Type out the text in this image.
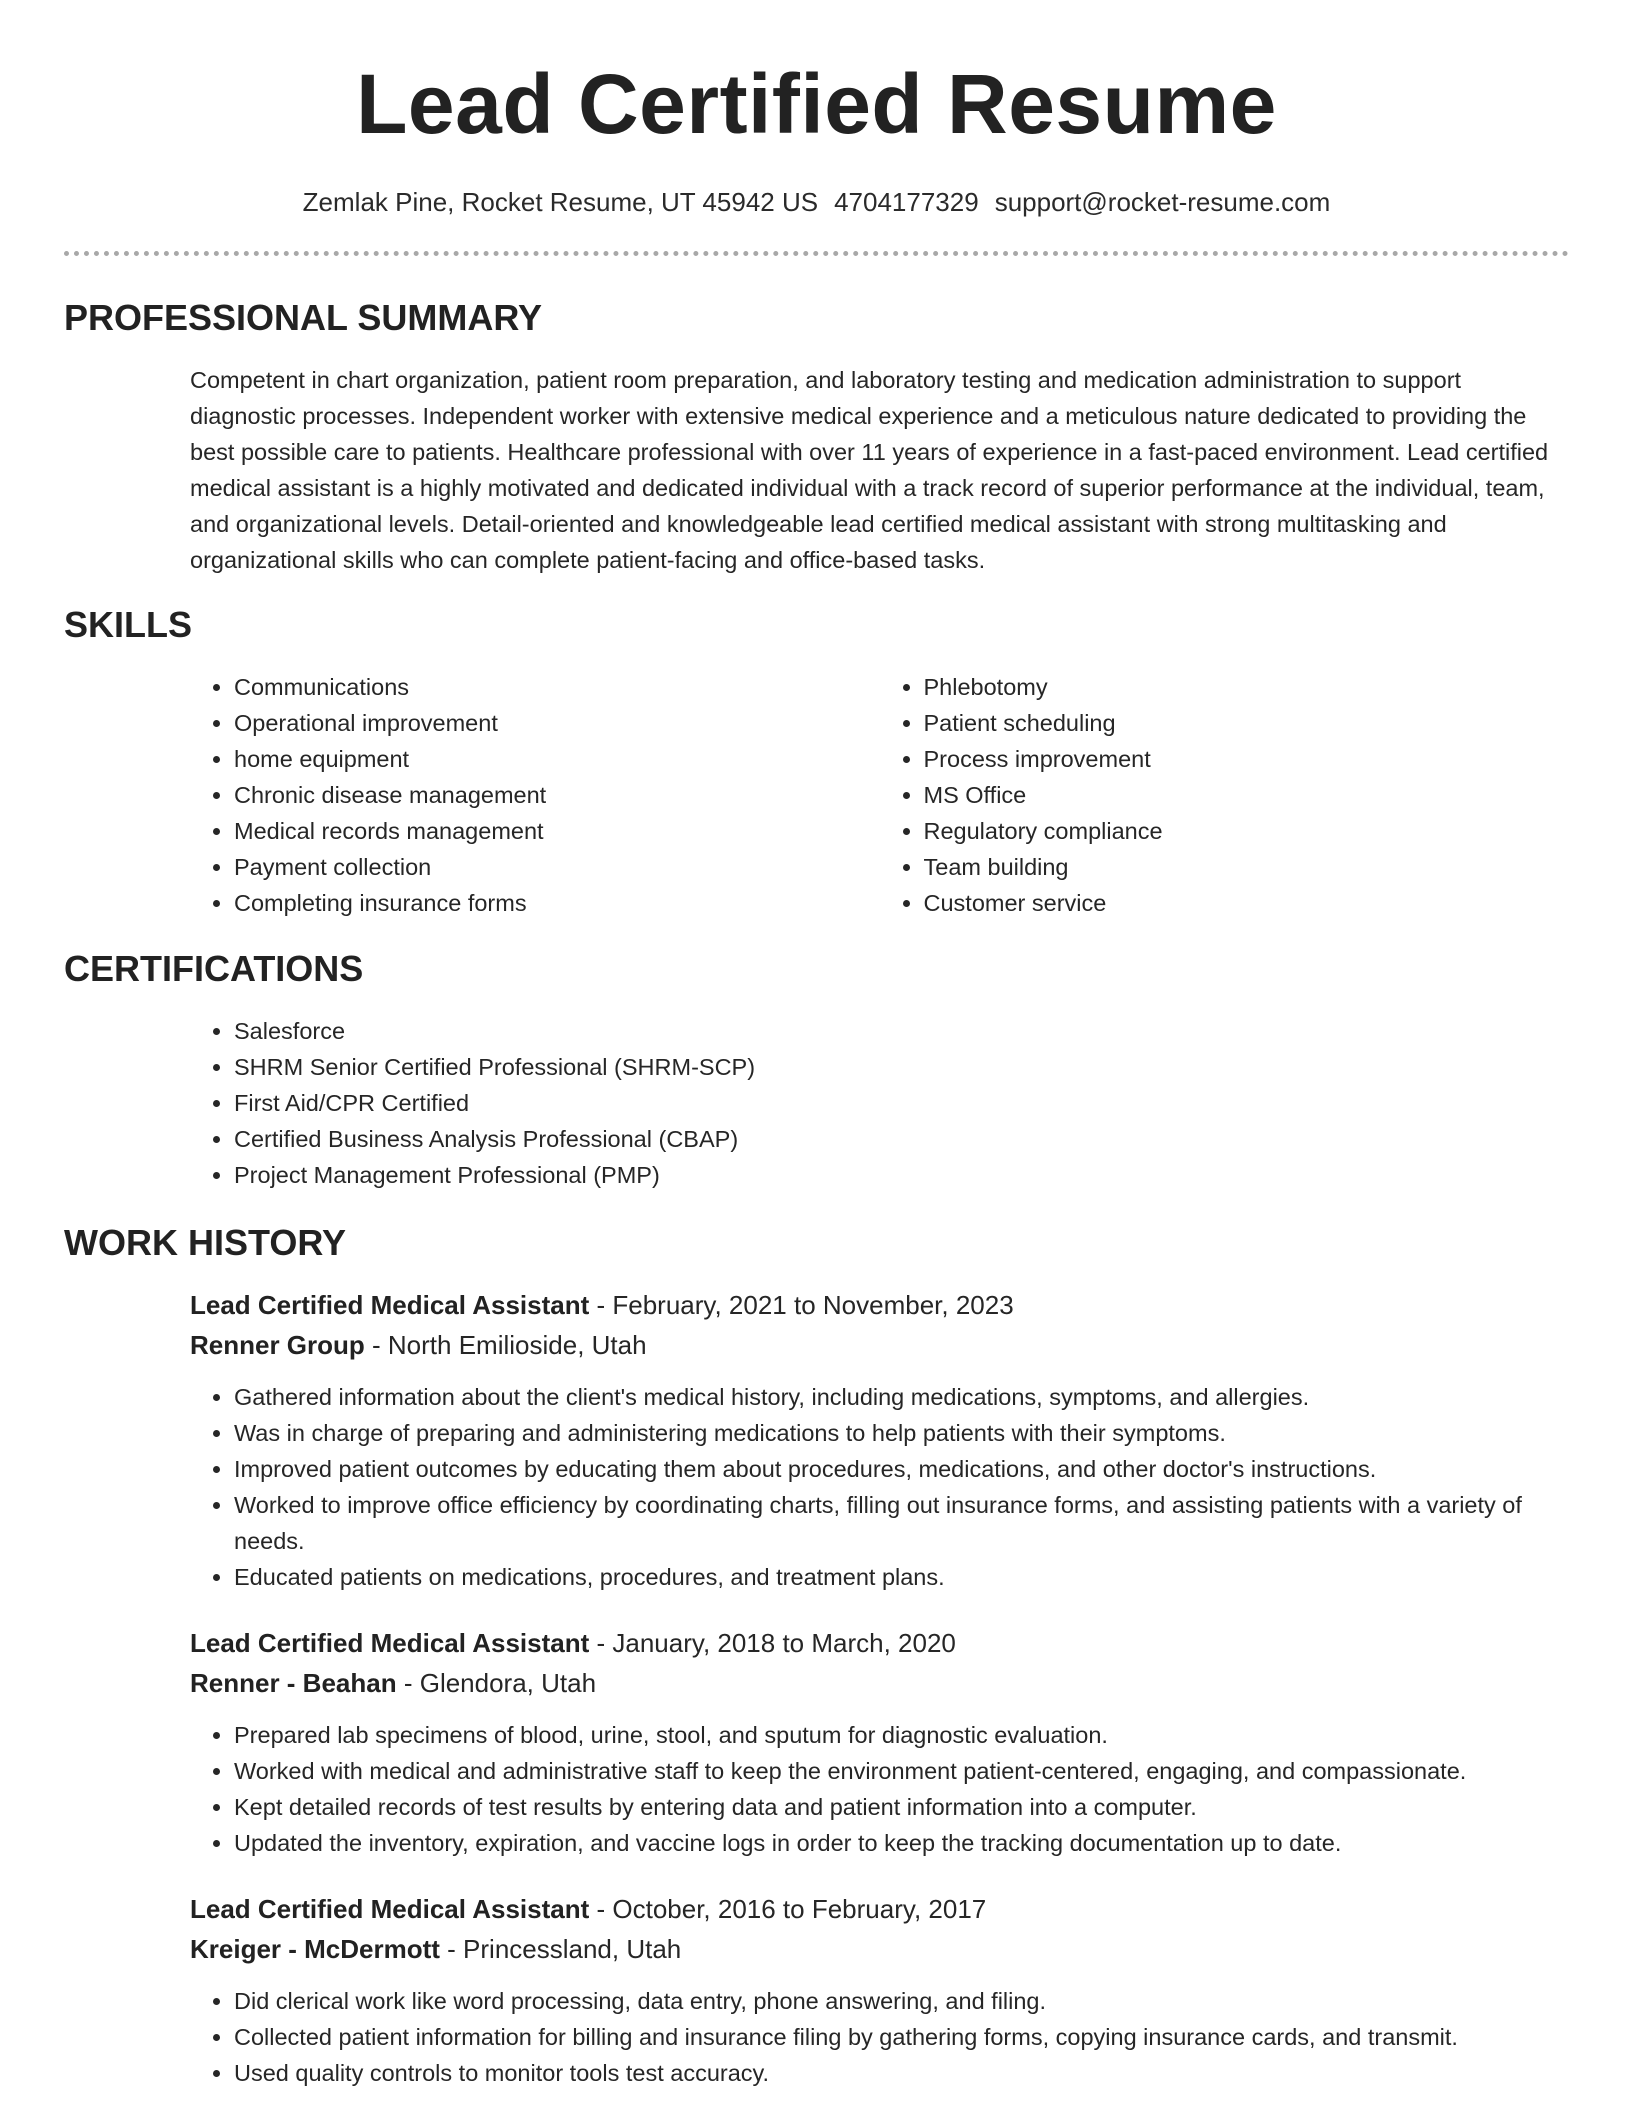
Lead Certified Resume
Zemlak Pine, Rocket Resume, UT 45942 US 4704177329 support@rocket-resume.com
PROFESSIONAL SUMMARY
Competent in chart organization, patient room preparation, and laboratory testing and medication administration to support diagnostic processes. Independent worker with extensive medical experience and a meticulous nature dedicated to providing the best possible care to patients. Healthcare professional with over 11 years of experience in a fast-paced environment. Lead certified medical assistant is a highly motivated and dedicated individual with a track record of superior performance at the individual, team, and organizational levels. Detail-oriented and knowledgeable lead certified medical assistant with strong multitasking and organizational skills who can complete patient-facing and office-based tasks.
SKILLS
• Communications
• Operational improvement
• home equipment
• Chronic disease management
• Medical records management
• Payment collection
• Completing insurance forms
• Phlebotomy
• Patient scheduling
• Process improvement
• MS Office
• Regulatory compliance
• Team building
• Customer service
CERTIFICATIONS
• Salesforce
• SHRM Senior Certified Professional (SHRM-SCP)
• First Aid/CPR Certified
• Certified Business Analysis Professional (CBAP)
• Project Management Professional (PMP)
WORK HISTORY
Lead Certified Medical Assistant - February, 2021 to November, 2023
Renner Group - North Emilioside, Utah
• Gathered information about the client's medical history, including medications, symptoms, and allergies.
• Was in charge of preparing and administering medications to help patients with their symptoms.
• Improved patient outcomes by educating them about procedures, medications, and other doctor's instructions.
• Worked to improve office efficiency by coordinating charts, filling out insurance forms, and assisting patients with a variety of needs.
• Educated patients on medications, procedures, and treatment plans.
Lead Certified Medical Assistant - January, 2018 to March, 2020
Renner - Beahan - Glendora, Utah
• Prepared lab specimens of blood, urine, stool, and sputum for diagnostic evaluation.
• Worked with medical and administrative staff to keep the environment patient-centered, engaging, and compassionate.
• Kept detailed records of test results by entering data and patient information into a computer.
• Updated the inventory, expiration, and vaccine logs in order to keep the tracking documentation up to date.
Lead Certified Medical Assistant - October, 2016 to February, 2017
Kreiger - McDermott - Princessland, Utah
• Did clerical work like word processing, data entry, phone answering, and filing.
• Collected patient information for billing and insurance filing by gathering forms, copying insurance cards, and transmit.
• Used quality controls to monitor tools test accuracy.
